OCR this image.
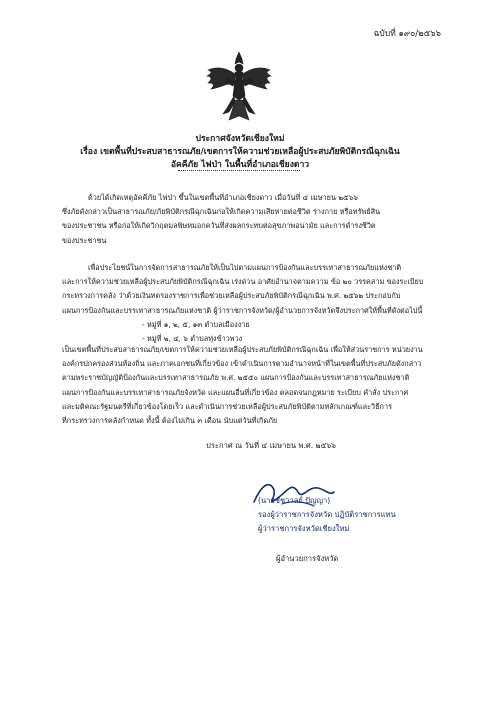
ฉบับที่ ๑๙๐/๒๕๖๖
ประกาศจังหวัดเชียงใหม่
เรื่อง เขตพื้นที่ประสบสาธารณภัย/เขตการให้ความช่วยเหลือผู้ประสบภัยพิบัติกรณีฉุกเฉิน
อัคคีภัย ไฟป่า ในพื้นที่อำเภอเชียงดาว

ด้วยได้เกิดเหตุอัคคีภัย ไฟป่า ขึ้นในเขตพื้นที่อำเภอเชียงดาว เมื่อวันที่ ๔ เมษายน ๒๕๖๖

ซึ่งภัยดังกล่าวเป็นสาธารณภัย/ภัยพิบัติกรณีฉุกเฉินก่อให้เกิดความเสียหายต่อชีวิต ร่างกาย หรือทรัพย์สิน

ของประชาชน หรือก่อให้เกิดวิกฤตมลพิษหมอกควันที่ส่งผลกระทบต่อสุขภาพอนามัย และการดำรงชีวิต

ของประชาชน

เพื่อประโยชน์ในการจัดการสาธารณภัยให้เป็นไปตามแผนการป้องกันและบรรเทาสาธารณภัยแห่งชาติ

และการให้ความช่วยเหลือผู้ประสบภัยพิบัติกรณีฉุกเฉิน เร่งด่วน อาศัยอำนาจตามความ ข้อ ๒๐ วรรคสาม ของระเบียบ

กระทรวงการคลัง ว่าด้วยเงินทดรองราชการเพื่อช่วยเหลือผู้ประสบภัยพิบัติกรณีฉุกเฉิน พ.ศ. ๒๕๖๒ ประกอบกับ

แผนการป้องกันและบรรเทาสาธารณภัยแห่งชาติ ผู้ว่าราชการจังหวัด/ผู้อำนวยการจังหวัดจึงประกาศให้พื้นที่ดังต่อไปนี้

- หมู่ที่ ๑, ๒, ๕, ๑๓ ตำบลเมืองงาย

- หมู่ที่ ๒, ๔, ๖ ตำบลทุ่งข้าวพวง

เป็นเขตพื้นที่ประสบสาธารณภัย/เขตการให้ความช่วยเหลือผู้ประสบภัยพิบัติกรณีฉุกเฉิน เพื่อให้ส่วนราชการ หน่วยงาน

องค์กรปกครองส่วนท้องถิ่น และภาคเอกชนที่เกี่ยวข้อง เข้าดำเนินการตามอำนาจหน้าที่ในเขตพื้นที่ประสบภัยดังกล่าว

ตามพระราชบัญญัติป้องกันและบรรเทาสาธารณภัย พ.ศ. ๒๕๕๐ แผนการป้องกันและบรรเทาสาธารณภัยแห่งชาติ

แผนการป้องกันและบรรเทาสาธารณภัยจังหวัด และแผนอื่นที่เกี่ยวข้อง ตลอดจนกฎหมาย ระเบียบ คำสั่ง ประกาศ

และมติคณะรัฐมนตรีที่เกี่ยวข้องโดยเร็ว และดำเนินการช่วยเหลือผู้ประสบภัยพิบัติตามหลักเกณฑ์และวิธีการ

ที่กระทรวงการคลังกำหนด ทั้งนี้ ต้องไม่เกิน ๓ เดือน นับแต่วันที่เกิดภัย

ประกาศ ณ วันที่ ๔ เมษายน พ.ศ. ๒๕๖๖

(นายชัชวาลย์ ปัญญา)

รองผู้ว่าราชการจังหวัด ปฏิบัติราชการแทน

ผู้ว่าราชการจังหวัดเชียงใหม่

ผู้อำนวยการจังหวัด
